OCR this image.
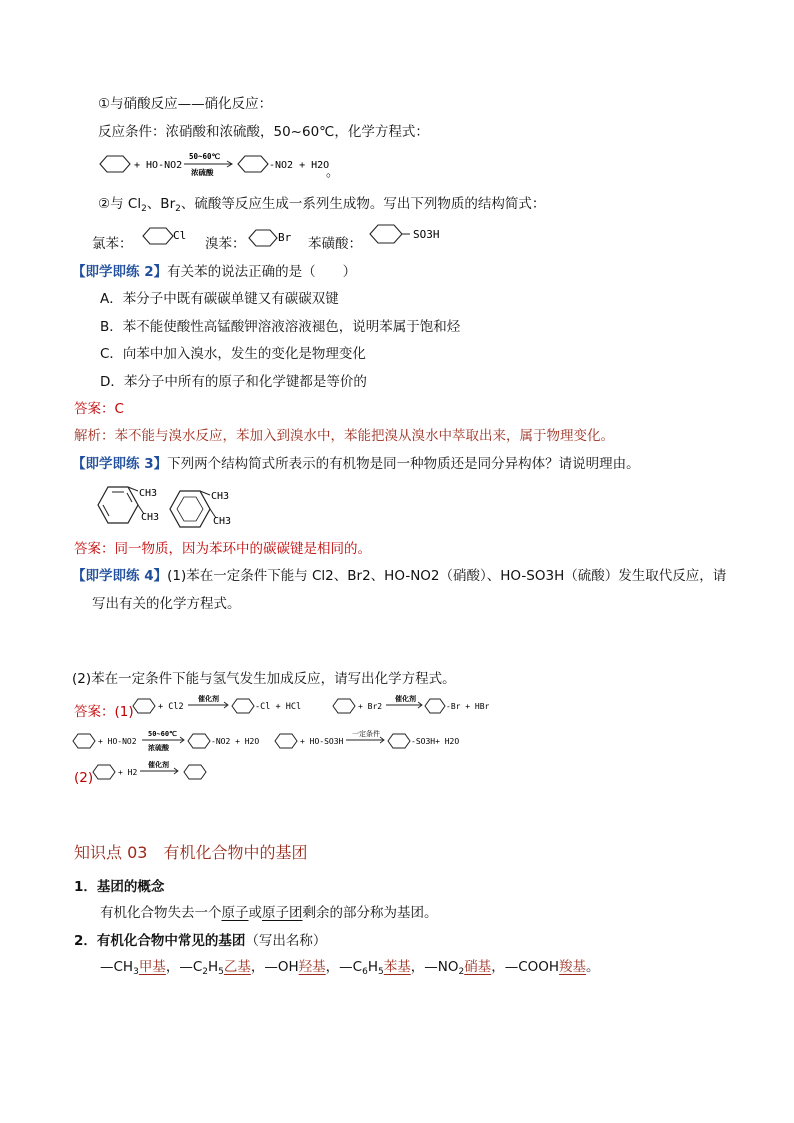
①与硝酸反应——硝化反应：
反应条件：浓硝酸和浓硫酸，50~60℃，化学方程式：
+ HO-NO2
50~60℃
浓硫酸
-NO2 + H2O
。
②与 $Cl_2$、$Br_2$、硫酸等反应生成一系列生成物。写出下列物质的结构简式：
氯苯：
Cl
溴苯：	Br 苯磺酸：
SO3H
【即学即练 2】有关苯的说法正确的是（　　）
A．苯分子中既有碳碳单键又有碳碳双键
B．苯不能使酸性高锰酸钾溶液溶液褪色，说明苯属于饱和烃
C．向苯中加入溴水，发生的变化是物理变化
D．苯分子中所有的原子和化学键都是等价的
答案：C
解析：苯不能与溴水反应，苯加入到溴水中，苯能把溴从溴水中萃取出来，属于物理变化。
【即学即练 3】下列两个结构简式所表示的有机物是同一种物质还是同分异构体？请说明理由。
CH3
CH3
CH3
CH3
答案：同一物质，因为苯环中的碳碳键是相同的。
【即学即练 4】(1)苯在一定条件下能与 Cl2、Br2、HO-NO2（硝酸）、HO-SO3H（硫酸）发生取代反应，请
写出有关的化学方程式。
(2)苯在一定条件下能与氢气发生加成反应，请写出化学方程式。
答案：(1)	+ Cl2
催化剂
-Cl + HCl	+ Br2
催化剂
-Br + HBr
+ HO-NO2
50~60℃
浓硫酸
-NO2 + H2O	+ HO-SO3H
一定条件
-SO3H+ H2O
(2)	+ H2
催化剂
知识点 03　有机化合物中的基团
1．基团的概念
有机化合物失去一个原子或原子团剩余的部分称为基团。
2．有机化合物中常见的基团（写出名称）
$—CH_3$甲基，$—C_2H_5$乙基，—OH羟基，$—C_6H_5$苯基，$—NO_2$硝基，—COOH羧基。
